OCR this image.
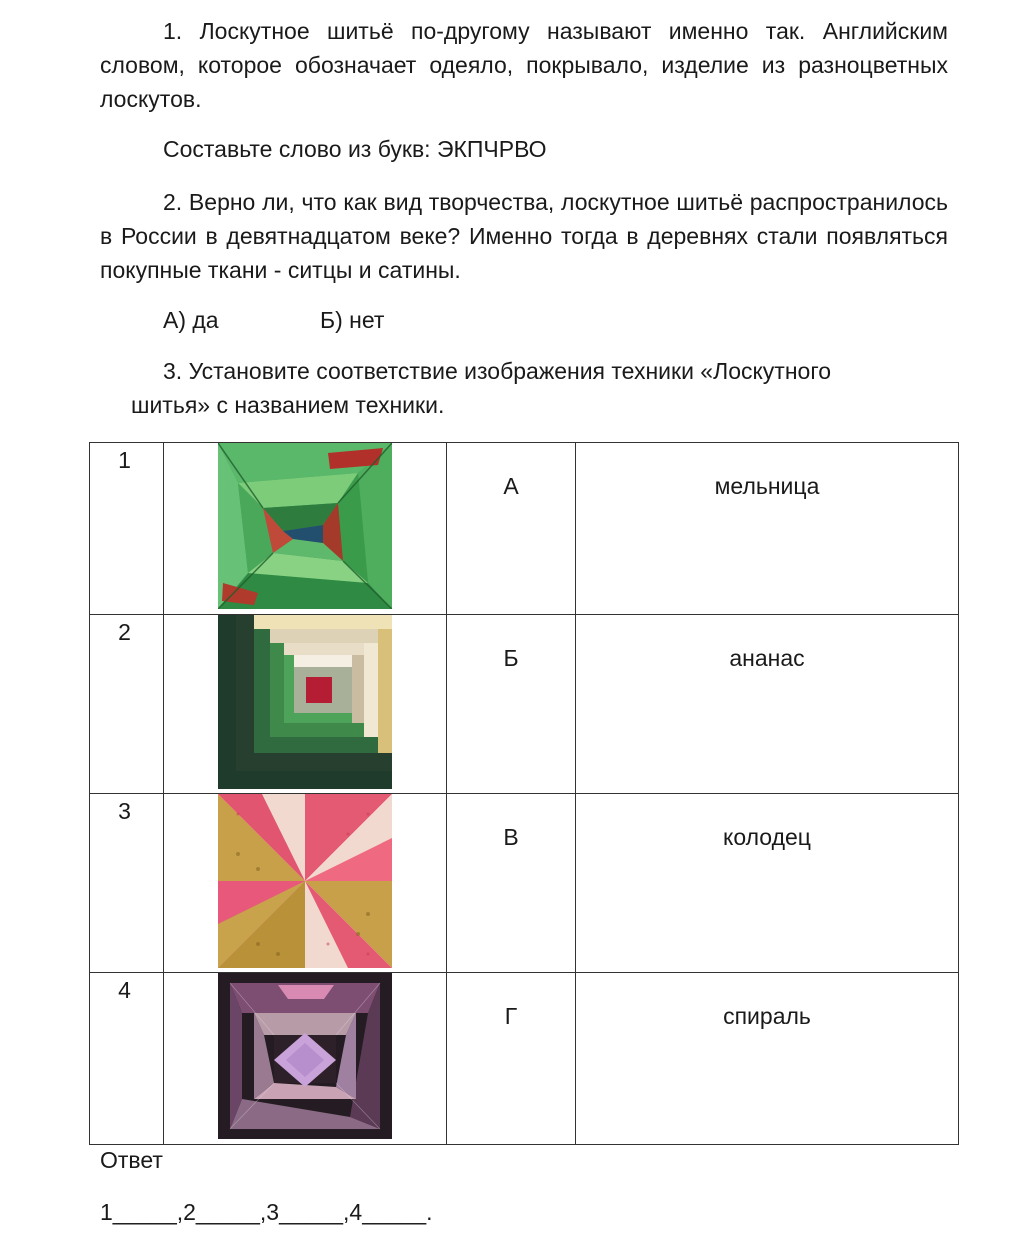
1. Лоскутное шитьё по-другому называют именно так. Английским словом, которое обозначает одеяло, покрывало, изделие из разноцветных лоскутов.

Составьте слово из букв: ЭКПЧРВО

2. Верно ли, что как вид творчества, лоскутное шитьё распространилось в России в девятнадцатом веке? Именно тогда в деревнях стали появляться покупные ткани - ситцы и сатины.

А) да	Б) нет
3. Установите соответствие изображения техники «Лоскутного
шитья» с названием техники.
1		А	мельница

2		Б	ананас

3		В	колодец

4		Г	спираль
Ответ
1_____,2_____,3_____,4_____.
